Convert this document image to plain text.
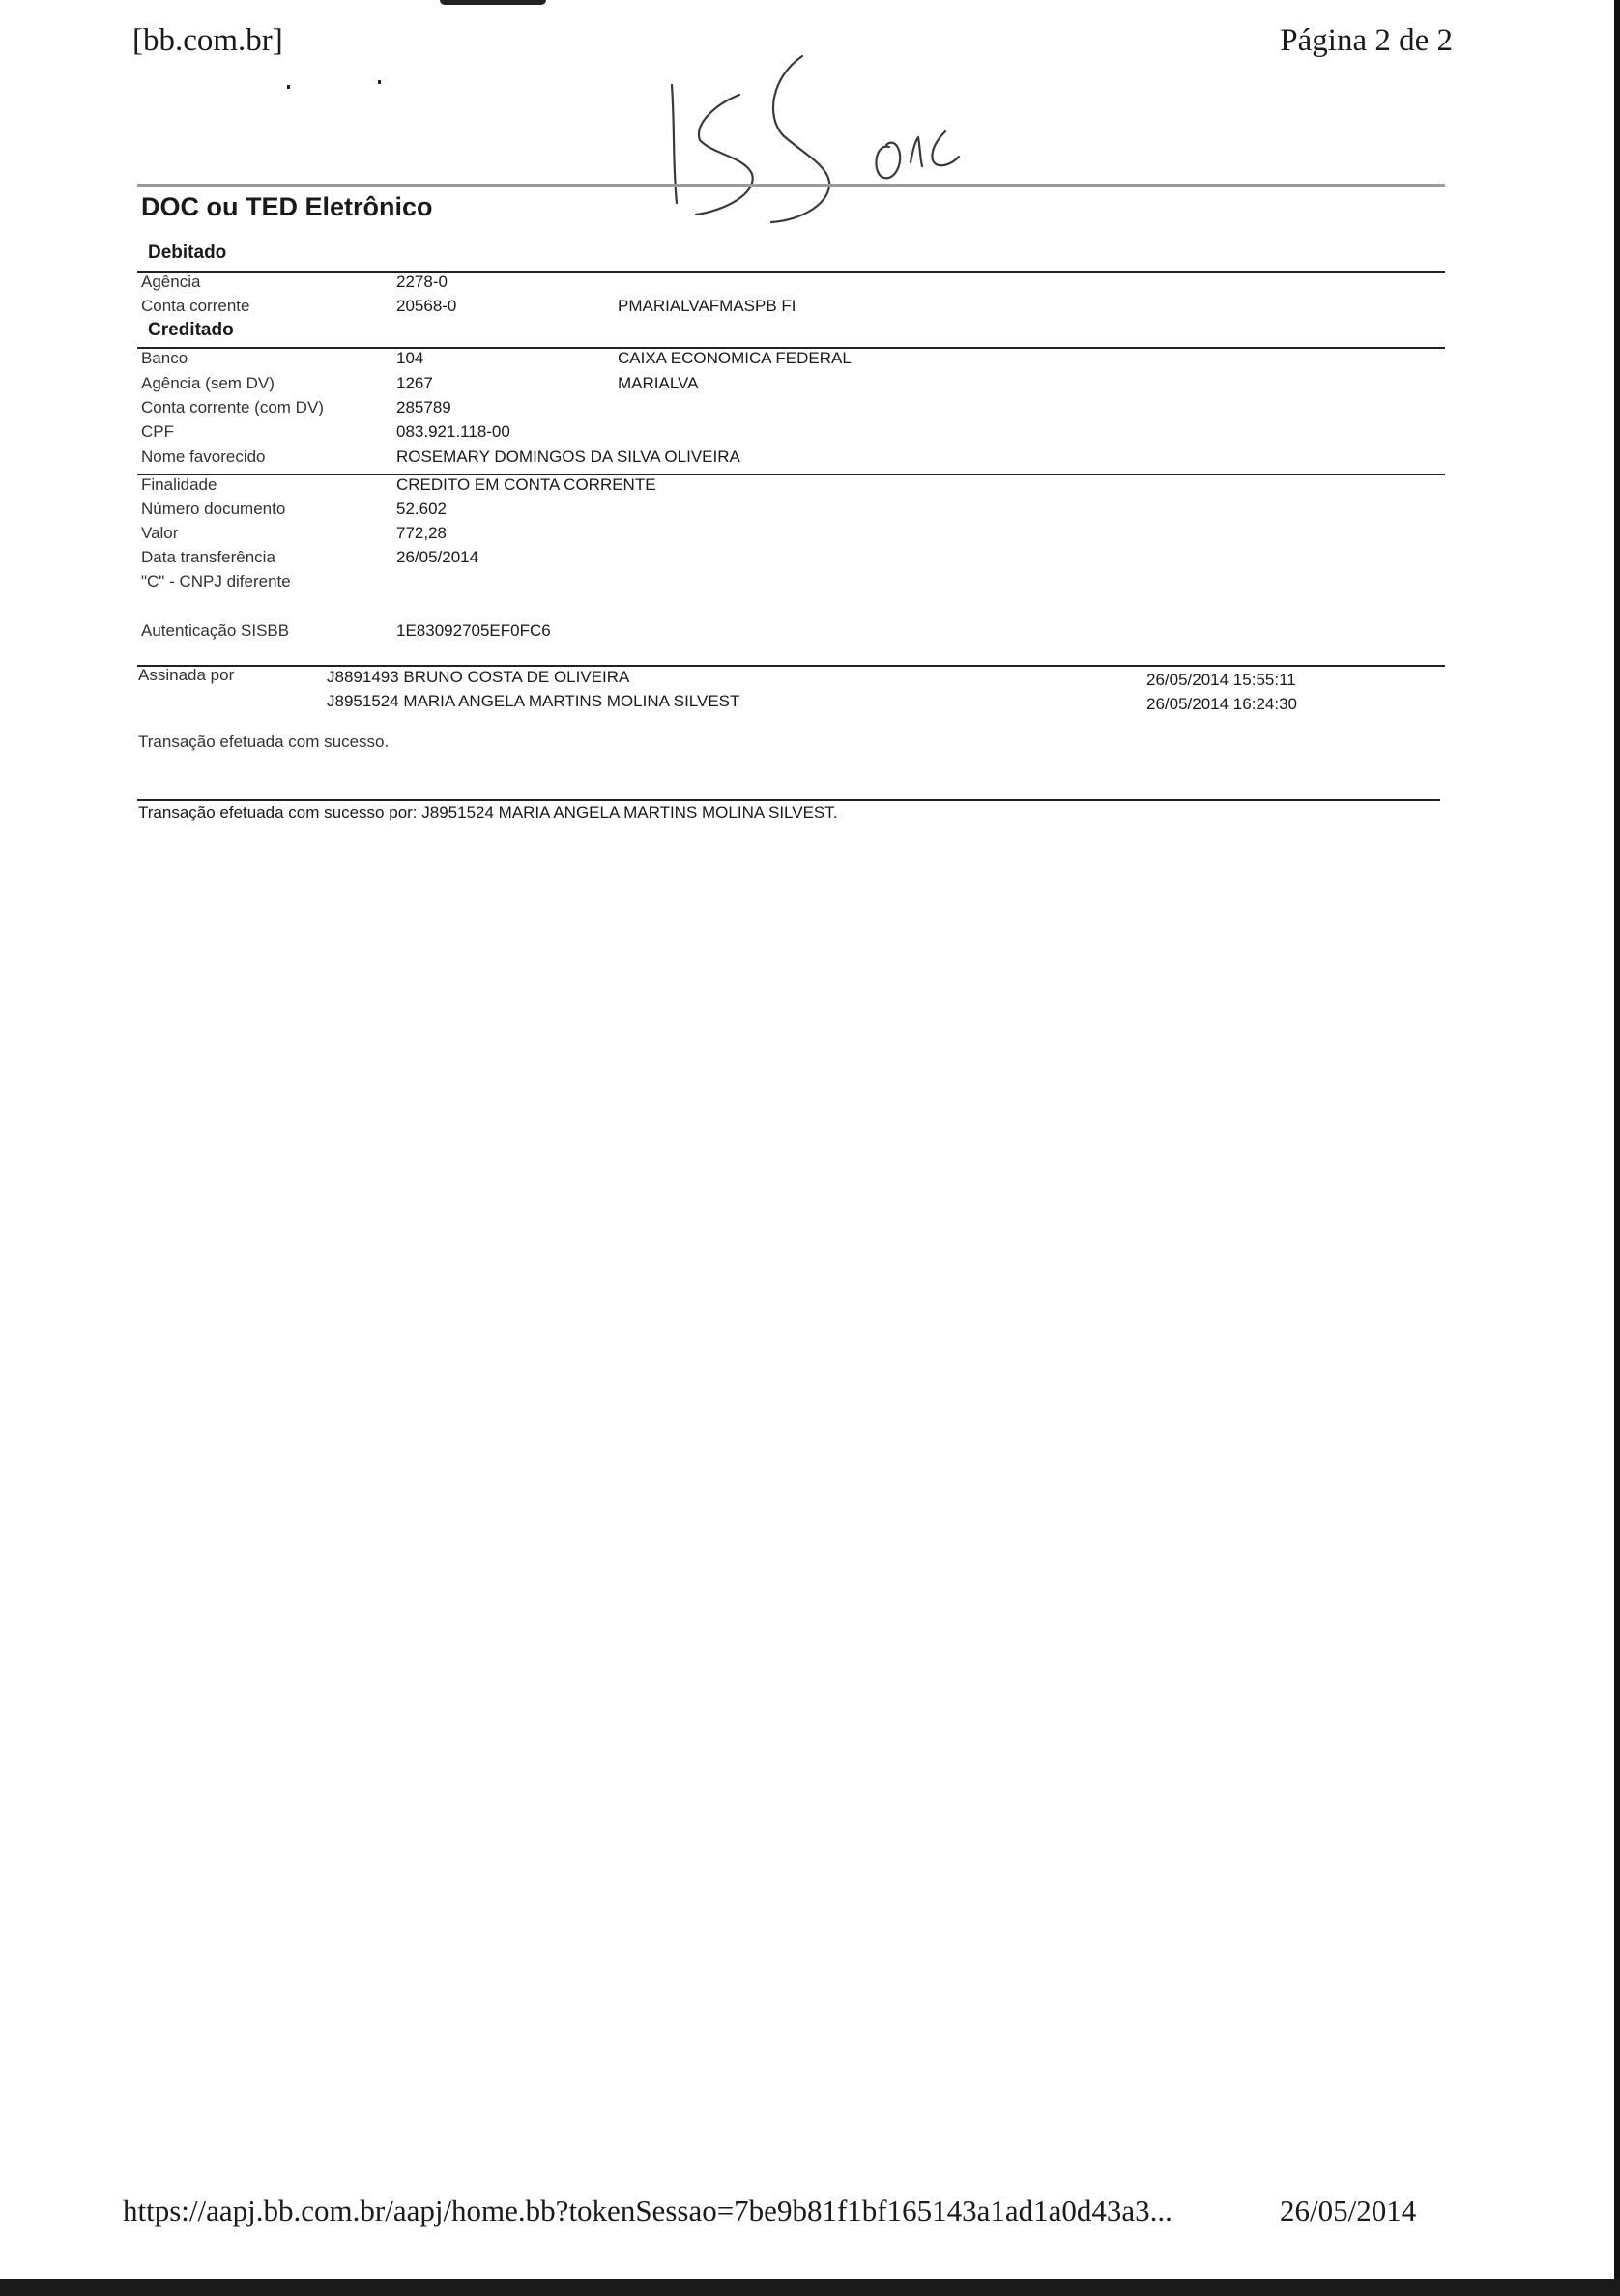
[bb.com.br]	Página 2 de 2
DOC ou TED Eletrônico
Debitado
Agência	2278-0
Conta corrente	20568-0	PMARIALVAFMASPB FI
Creditado
Banco	104	CAIXA ECONOMICA FEDERAL
Agência (sem DV)	1267	MARIALVA
Conta corrente (com DV)	285789
CPF	083.921.118-00
Nome favorecido	ROSEMARY DOMINGOS DA SILVA OLIVEIRA
Finalidade	CREDITO EM CONTA CORRENTE
Número documento	52.602
Valor	772,28
Data transferência	26/05/2014
"C" - CNPJ diferente
Autenticação SISBB	1E83092705EF0FC6
Assinada por	J8891493 BRUNO COSTA DE OLIVEIRA	26/05/2014 15:55:11
J8951524 MARIA ANGELA MARTINS MOLINA SILVEST	26/05/2014 16:24:30
Transação efetuada com sucesso.
Transação efetuada com sucesso por: J8951524 MARIA ANGELA MARTINS MOLINA SILVEST.
https://aapj.bb.com.br/aapj/home.bb?tokenSessao=7be9b81f1bf165143a1ad1a0d43a3...	26/05/2014
